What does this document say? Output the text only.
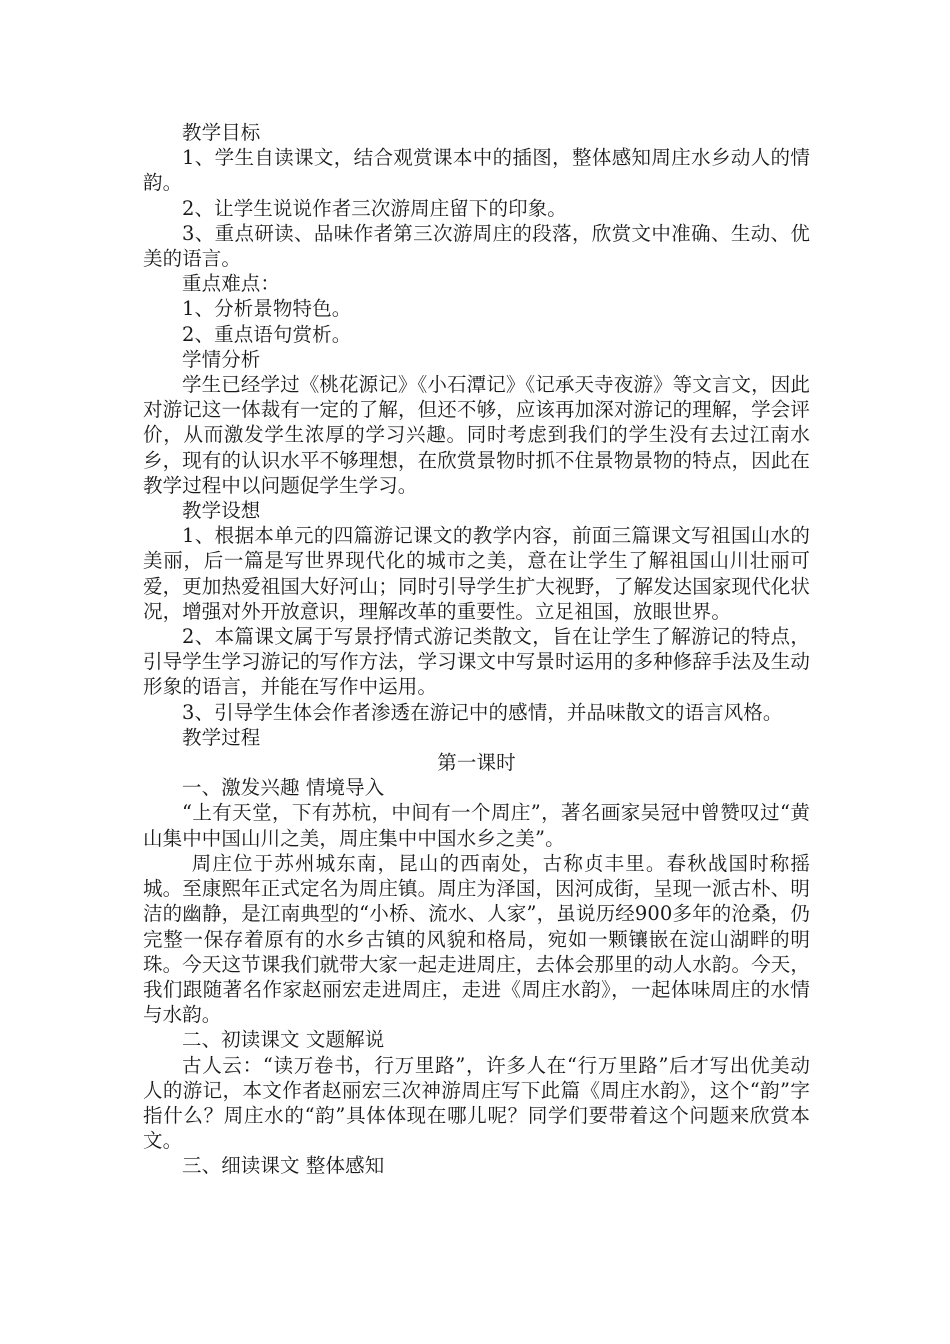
教学目标

1、学生自读课文，结合观赏课本中的插图，整体感知周庄水乡动人的情韵。

2、让学生说说作者三次游周庄留下的印象。

3、重点研读、品味作者第三次游周庄的段落，欣赏文中准确、生动、优美的语言。

重点难点：

1、分析景物特色。

2、重点语句赏析。

学情分析

学生已经学过《桃花源记》《小石潭记》《记承天寺夜游》等文言文，因此对游记这一体裁有一定的了解，但还不够，应该再加深对游记的理解，学会评价，从而激发学生浓厚的学习兴趣。同时考虑到我们的学生没有去过江南水乡，现有的认识水平不够理想，在欣赏景物时抓不住景物景物的特点，因此在教学过程中以问题促学生学习。

教学设想

1、根据本单元的四篇游记课文的教学内容，前面三篇课文写祖国山水的美丽，后一篇是写世界现代化的城市之美，意在让学生了解祖国山川壮丽可爱，更加热爱祖国大好河山；同时引导学生扩大视野，了解发达国家现代化状况，增强对外开放意识，理解改革的重要性。立足祖国，放眼世界。

2、本篇课文属于写景抒情式游记类散文，旨在让学生了解游记的特点，引导学生学习游记的写作方法，学习课文中写景时运用的多种修辞手法及生动形象的语言，并能在写作中运用。

3、引导学生体会作者渗透在游记中的感情，并品味散文的语言风格。

教学过程

第一课时

一、激发兴趣 情境导入

“上有天堂，下有苏杭，中间有一个周庄”，著名画家吴冠中曾赞叹过“黄山集中中国山川之美，周庄集中中国水乡之美”。

周庄位于苏州城东南，昆山的西南处，古称贞丰里。春秋战国时称摇城。至康熙年正式定名为周庄镇。周庄为泽国，因河成街，呈现一派古朴、明洁的幽静，是江南典型的“小桥、流水、人家”，虽说历经900多年的沧桑，仍完整一保存着原有的水乡古镇的风貌和格局，宛如一颗镶嵌在淀山湖畔的明珠。今天这节课我们就带大家一起走进周庄，去体会那里的动人水韵。今天，我们跟随著名作家赵丽宏走进周庄，走进《周庄水韵》，一起体味周庄的水情与水韵。

二、初读课文 文题解说

古人云：“读万卷书，行万里路”，许多人在“行万里路”后才写出优美动人的游记，本文作者赵丽宏三次神游周庄写下此篇《周庄水韵》，这个“韵”字指什么？周庄水的“韵”具体体现在哪儿呢？同学们要带着这个问题来欣赏本文。

三、细读课文 整体感知
